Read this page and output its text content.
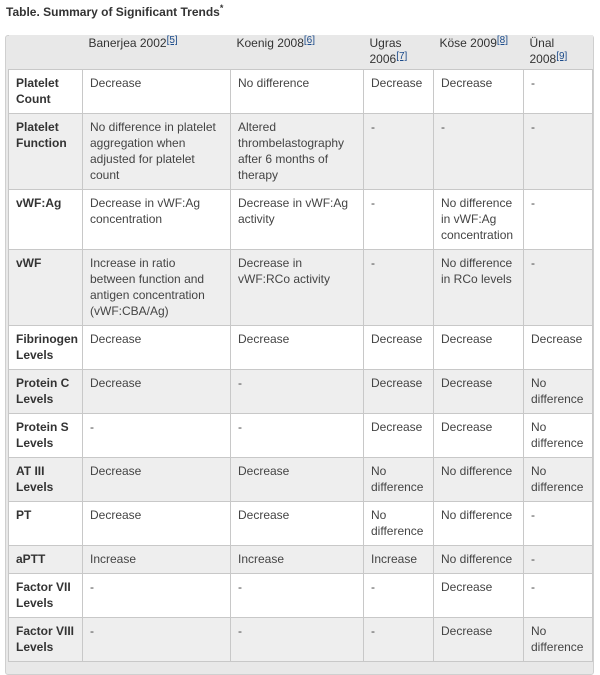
Table. Summary of Significant Trends*
	Banerjea 2002[5]	Koenig 2008[6]	Ugras 2006[7]	Köse 2009[8]	Ünal 2008[9]
Platelet Count	Decrease	No difference	Decrease	Decrease	-
Platelet Function	No difference in platelet aggregation when adjusted for platelet count	Altered thrombelastography after 6 months of therapy	-	-	-
vWF:Ag	Decrease in vWF:Ag concentration	Decrease in vWF:Ag activity	-	No difference in vWF:Ag concentration	-
vWF	Increase in ratio between function and antigen concentration (vWF:CBA/Ag)	Decrease in vWF:RCo activity	-	No difference in RCo levels	-
Fibrinogen Levels	Decrease	Decrease	Decrease	Decrease	Decrease
Protein C Levels	Decrease	-	Decrease	Decrease	No difference
Protein S Levels	-	-	Decrease	Decrease	No difference
AT III Levels	Decrease	Decrease	No difference	No difference	No difference
PT	Decrease	Decrease	No difference	No difference	-
aPTT	Increase	Increase	Increase	No difference	-
Factor VII Levels	-	-	-	Decrease	-
Factor VIII Levels	-	-	-	Decrease	No difference
